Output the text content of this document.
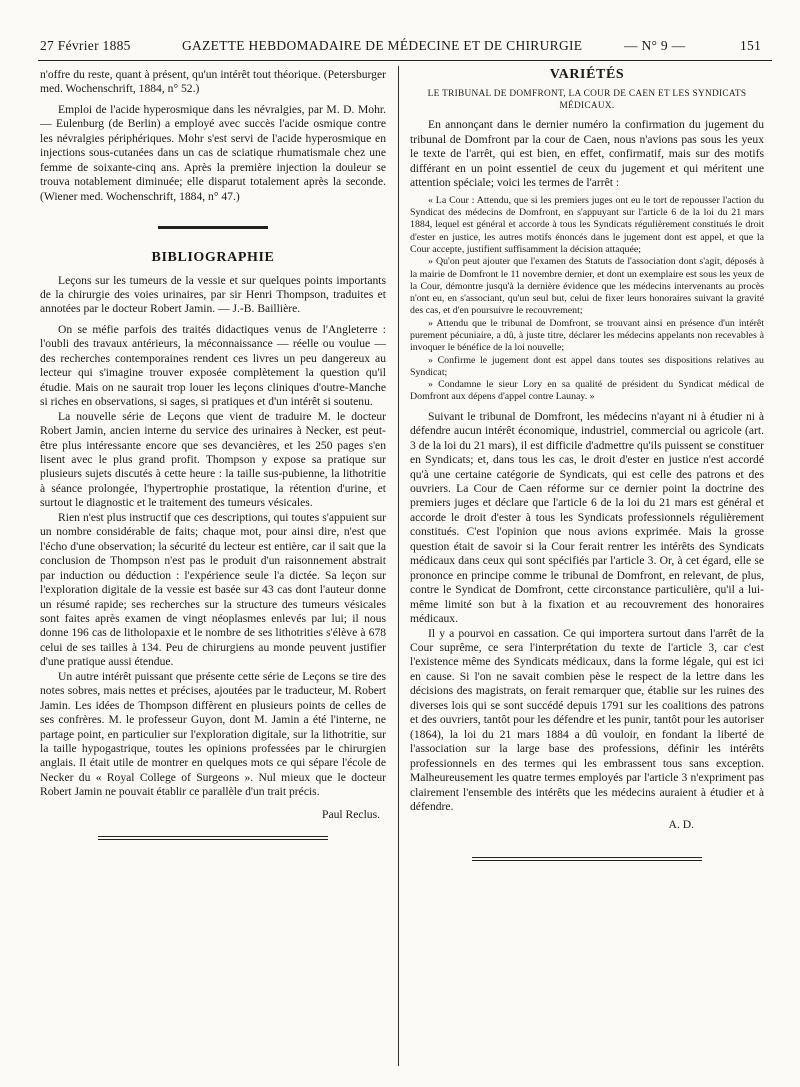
27 Février 1885	GAZETTE HEBDOMADAIRE DE MÉDECINE ET DE CHIRURGIE	— N° 9 —	151

n'offre du reste, quant à présent, qu'un intérêt tout théorique. (Petersburger med. Wochenschrift, 1884, n° 52.)

Emploi de l'acide hyperosmique dans les névralgies, par M. D. Mohr. — Eulenburg (de Berlin) a employé avec succès l'acide osmique contre les névralgies périphériques. Mohr s'est servi de l'acide hyperosmique en injections sous-cutanées dans un cas de sciatique rhumatismale chez une femme de soixante-cinq ans. Après la première injection la douleur se trouva notablement diminuée; elle disparut totalement après la seconde. (Wiener med. Wochenschrift, 1884, n° 47.)

BIBLIOGRAPHIE

Leçons sur les tumeurs de la vessie et sur quelques points importants de la chirurgie des voies urinaires, par sir Henri Thompson, traduites et annotées par le docteur Robert Jamin. — J.-B. Baillière.

On se méfie parfois des traités didactiques venus de l'Angleterre : l'oubli des travaux antérieurs, la méconnaissance — réelle ou voulue — des recherches contemporaines rendent ces livres un peu dangereux au lecteur qui s'imagine trouver exposée complètement la question qu'il étudie. Mais on ne saurait trop louer les leçons cliniques d'outre-Manche si riches en observations, si sages, si pratiques et d'un intérêt si soutenu.

La nouvelle série de Leçons que vient de traduire M. le docteur Robert Jamin, ancien interne du service des urinaires à Necker, est peut-être plus intéressante encore que ses devancières, et les 250 pages s'en lisent avec le plus grand profit. Thompson y expose sa pratique sur plusieurs sujets discutés à cette heure : la taille sus-pubienne, la lithotritie à séance prolongée, l'hypertrophie prostatique, la rétention d'urine, et surtout le diagnostic et le traitement des tumeurs vésicales.

Rien n'est plus instructif que ces descriptions, qui toutes s'appuient sur un nombre considérable de faits; chaque mot, pour ainsi dire, n'est que l'écho d'une observation; la sécurité du lecteur est entière, car il sait que la conclusion de Thompson n'est pas le produit d'un raisonnement abstrait par induction ou déduction : l'expérience seule l'a dictée. Sa leçon sur l'exploration digitale de la vessie est basée sur 43 cas dont l'auteur donne un résumé rapide; ses recherches sur la structure des tumeurs vésicales sont faites après examen de vingt néoplasmes enlevés par lui; il nous donne 196 cas de litholopaxie et le nombre de ses lithotrities s'élève à 678 celui de ses tailles à 134. Peu de chirurgiens au monde peuvent justifier d'une pratique aussi étendue.

Un autre intérêt puissant que présente cette série de Leçons se tire des notes sobres, mais nettes et précises, ajoutées par le traducteur, M. Robert Jamin. Les idées de Thompson diffèrent en plusieurs points de celles de ses confrères. M. le professeur Guyon, dont M. Jamin a été l'interne, ne partage point, en particulier sur l'exploration digitale, sur la lithotritie, sur la taille hypogastrique, toutes les opinions professées par le chirurgien anglais. Il était utile de montrer en quelques mots ce qui sépare l'école de Necker du « Royal College of Surgeons ». Nul mieux que le docteur Robert Jamin ne pouvait établir ce parallèle d'un trait précis.

Paul Reclus.

VARIÉTÉS

LE TRIBUNAL DE DOMFRONT, LA COUR DE CAEN ET LES SYNDICATS MÉDICAUX.

En annonçant dans le dernier numéro la confirmation du jugement du tribunal de Domfront par la cour de Caen, nous n'avions pas sous les yeux le texte de l'arrêt, qui est bien, en effet, confirmatif, mais sur des motifs différant en un point essentiel de ceux du jugement et qui méritent une attention spéciale; voici les termes de l'arrêt :

« La Cour : Attendu, que si les premiers juges ont eu le tort de repousser l'action du Syndicat des médecins de Domfront, en s'appuyant sur l'article 6 de la loi du 21 mars 1884, lequel est général et accorde à tous les Syndicats régulièrement constitués le droit d'ester en justice, les autres motifs énoncés dans le jugement dont est appel, et que la Cour accepte, justifient suffisamment la décision attaquée;

» Qu'on peut ajouter que l'examen des Statuts de l'association dont s'agit, déposés à la mairie de Domfront le 11 novembre dernier, et dont un exemplaire est sous les yeux de la Cour, démontre jusqu'à la dernière évidence que les médecins intervenants au procès n'ont eu, en s'associant, qu'un seul but, celui de fixer leurs honoraires suivant la gravité des cas, et d'en poursuivre le recouvrement;

» Attendu que le tribunal de Domfront, se trouvant ainsi en présence d'un intérêt purement pécuniaire, a dû, à juste titre, déclarer les médecins appelants non recevables à invoquer le bénéfice de la loi nouvelle;

» Confirme le jugement dont est appel dans toutes ses dispositions relatives au Syndicat;

» Condamne le sieur Lory en sa qualité de président du Syndicat médical de Domfront aux dépens d'appel contre Launay. »

Suivant le tribunal de Domfront, les médecins n'ayant ni à étudier ni à défendre aucun intérêt économique, industriel, commercial ou agricole (art. 3 de la loi du 21 mars), il est difficile d'admettre qu'ils puissent se constituer en Syndicats; et, dans tous les cas, le droit d'ester en justice n'est accordé qu'à une certaine catégorie de Syndicats, qui est celle des patrons et des ouvriers. La Cour de Caen réforme sur ce dernier point la doctrine des premiers juges et déclare que l'article 6 de la loi du 21 mars est général et accorde le droit d'ester à tous les Syndicats professionnels régulièrement constitués. C'est l'opinion que nous avions exprimée. Mais la grosse question était de savoir si la Cour ferait rentrer les intérêts des Syndicats médicaux dans ceux qui sont spécifiés par l'article 3. Or, à cet égard, elle se prononce en principe comme le tribunal de Domfront, en relevant, de plus, contre le Syndicat de Domfront, cette circonstance particulière, qu'il a lui-même limité son but à la fixation et au recouvrement des honoraires médicaux.

Il y a pourvoi en cassation. Ce qui importera surtout dans l'arrêt de la Cour suprême, ce sera l'interprétation du texte de l'article 3, car c'est l'existence même des Syndicats médicaux, dans la forme légale, qui est ici en cause. Si l'on ne savait combien pèse le respect de la lettre dans les décisions des magistrats, on ferait remarquer que, établie sur les ruines des diverses lois qui se sont succédé depuis 1791 sur les coalitions des patrons et des ouvriers, tantôt pour les défendre et les punir, tantôt pour les autoriser (1864), la loi du 21 mars 1884 a dû vouloir, en fondant la liberté de l'association sur la large base des professions, définir les intérêts professionnels en des termes qui les embrassent tous sans exception. Malheureusement les quatre termes employés par l'article 3 n'expriment pas clairement l'ensemble des intérêts que les médecins auraient à étudier et à défendre.

A. D.
